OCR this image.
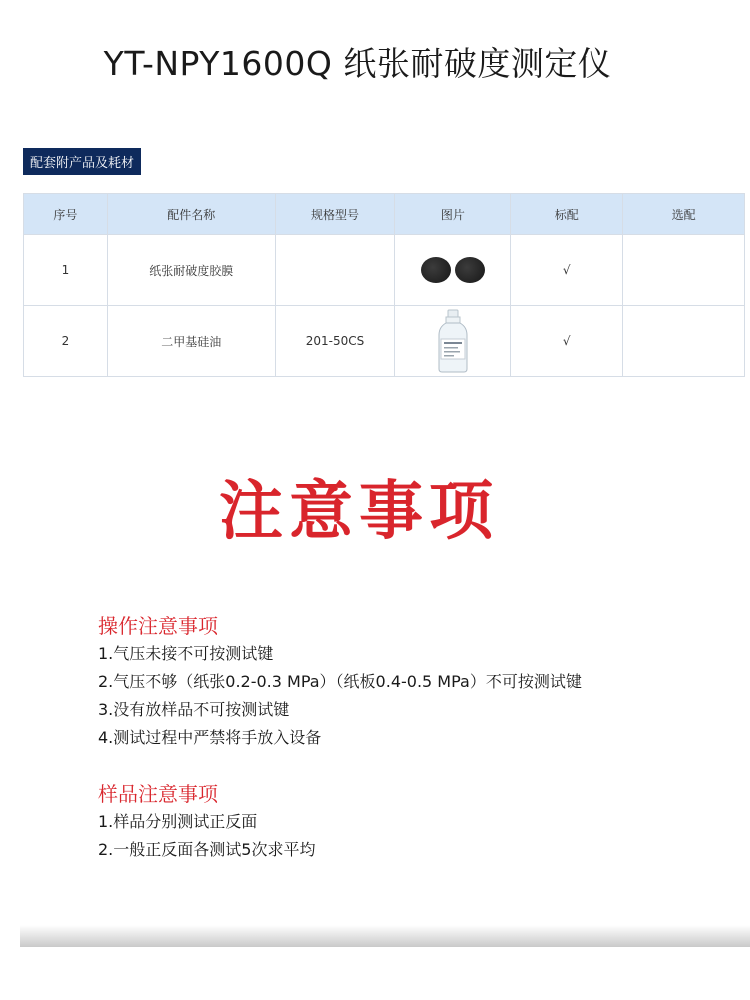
YT-NPY1600Q 纸张耐破度测定仪
配套附产品及耗材
序号	配件名称	规格型号	图片	标配	选配
1	纸张耐破度胶膜			√	
2	二甲基硅油	201-50CS		√	
注意事项
操作注意事项
1.气压未接不可按测试键
2.气压不够（纸张0.2-0.3 MPa）（纸板0.4-0.5 MPa）不可按测试键
3.没有放样品不可按测试键
4.测试过程中严禁将手放入设备
样品注意事项
1.样品分别测试正反面
2.一般正反面各测试5次求平均
